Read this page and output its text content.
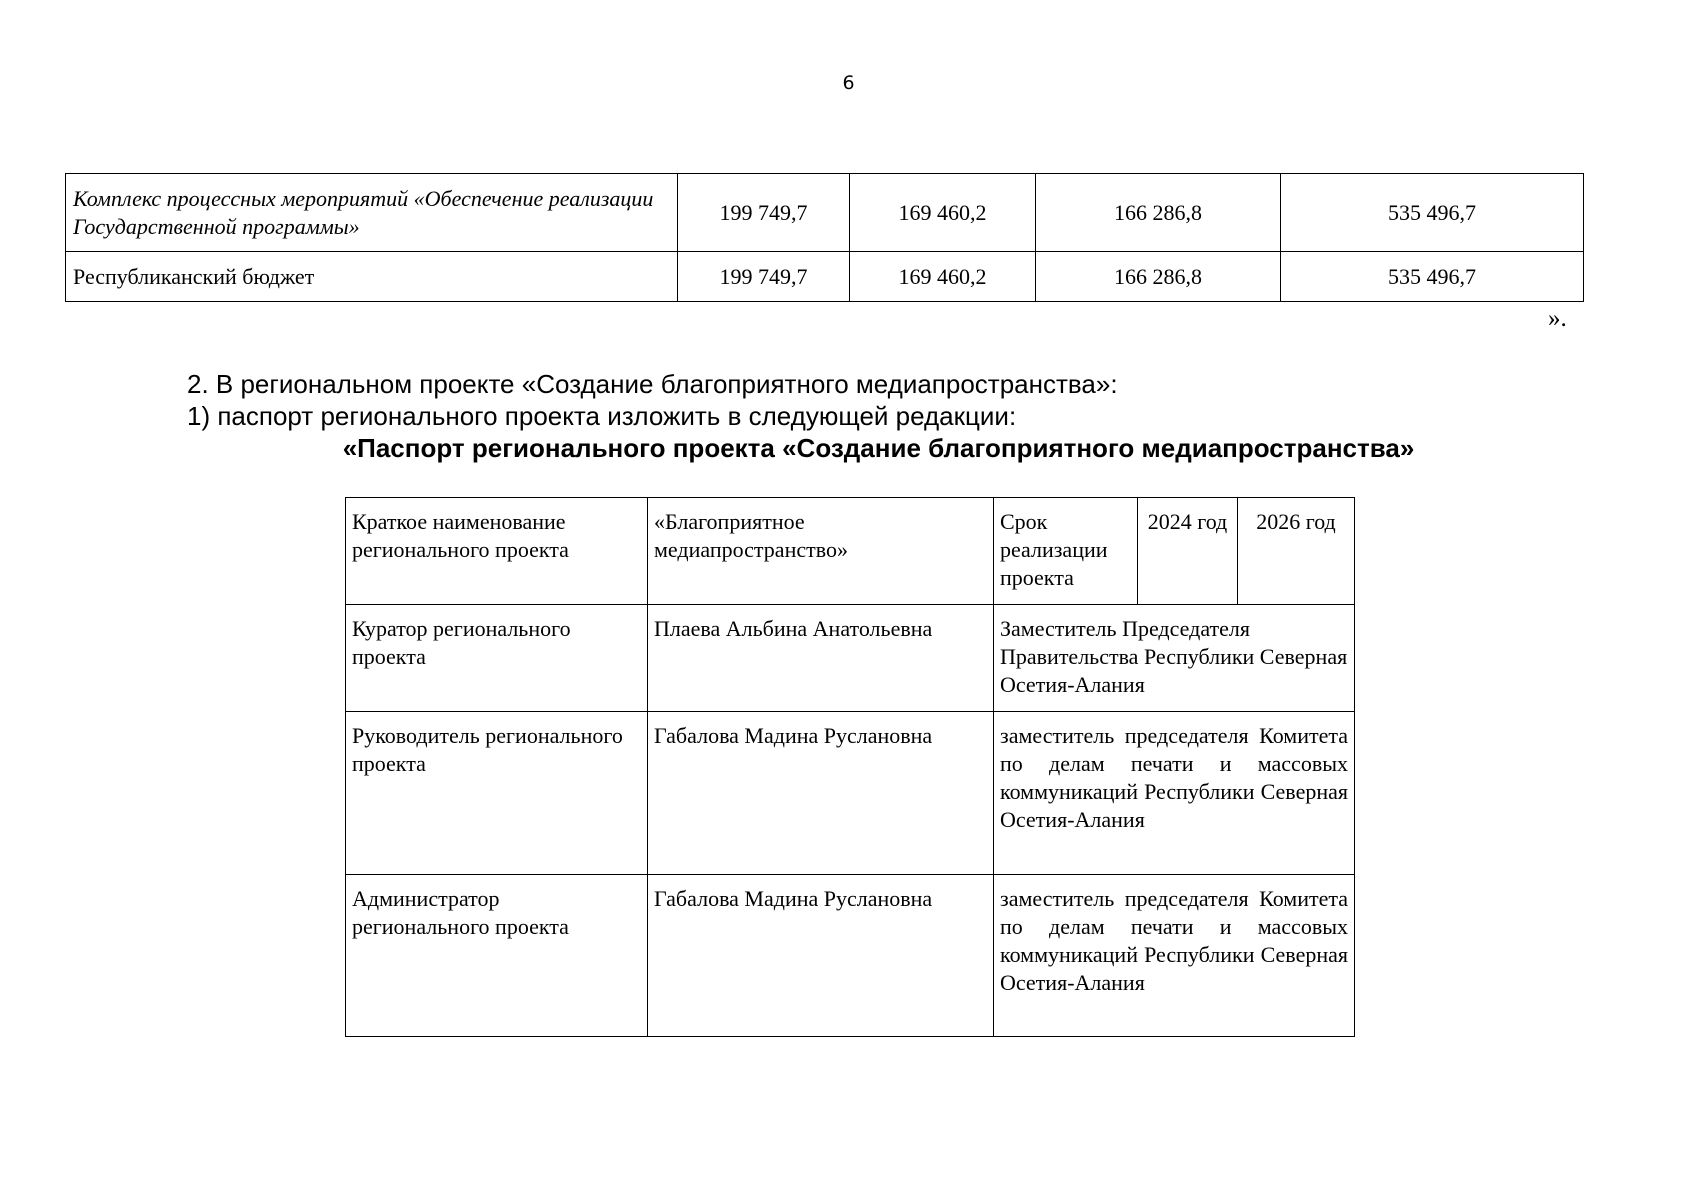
6
Комплекс процессных мероприятий «Обеспечение реализации Государственной программы»	199 749,7	169 460,2	166 286,8	535 496,7
Республиканский бюджет	199 749,7	169 460,2	166 286,8	535 496,7
».
2. В региональном проекте «Создание благоприятного медиапространства»:
1) паспорт регионального проекта изложить в следующей редакции:
«Паспорт регионального проекта «Создание благоприятного медиапространства»
Краткое наименование регионального проекта	«Благоприятное медиапространство»	Срок реализации проекта	2024 год	2026 год
Куратор регионального проекта	Плаева Альбина Анатольевна	Заместитель Председателя Правительства Республики Северная Осетия-Алания		
Руководитель регионального проекта	Габалова Мадина Руслановна	заместитель председателя Комитета по делам печати и массовых коммуникаций Республики Северная Осетия-Алания		
Администратор регионального проекта	Габалова Мадина Руслановна	заместитель председателя Комитета по делам печати и массовых коммуникаций Республики Северная Осетия-Алания		
